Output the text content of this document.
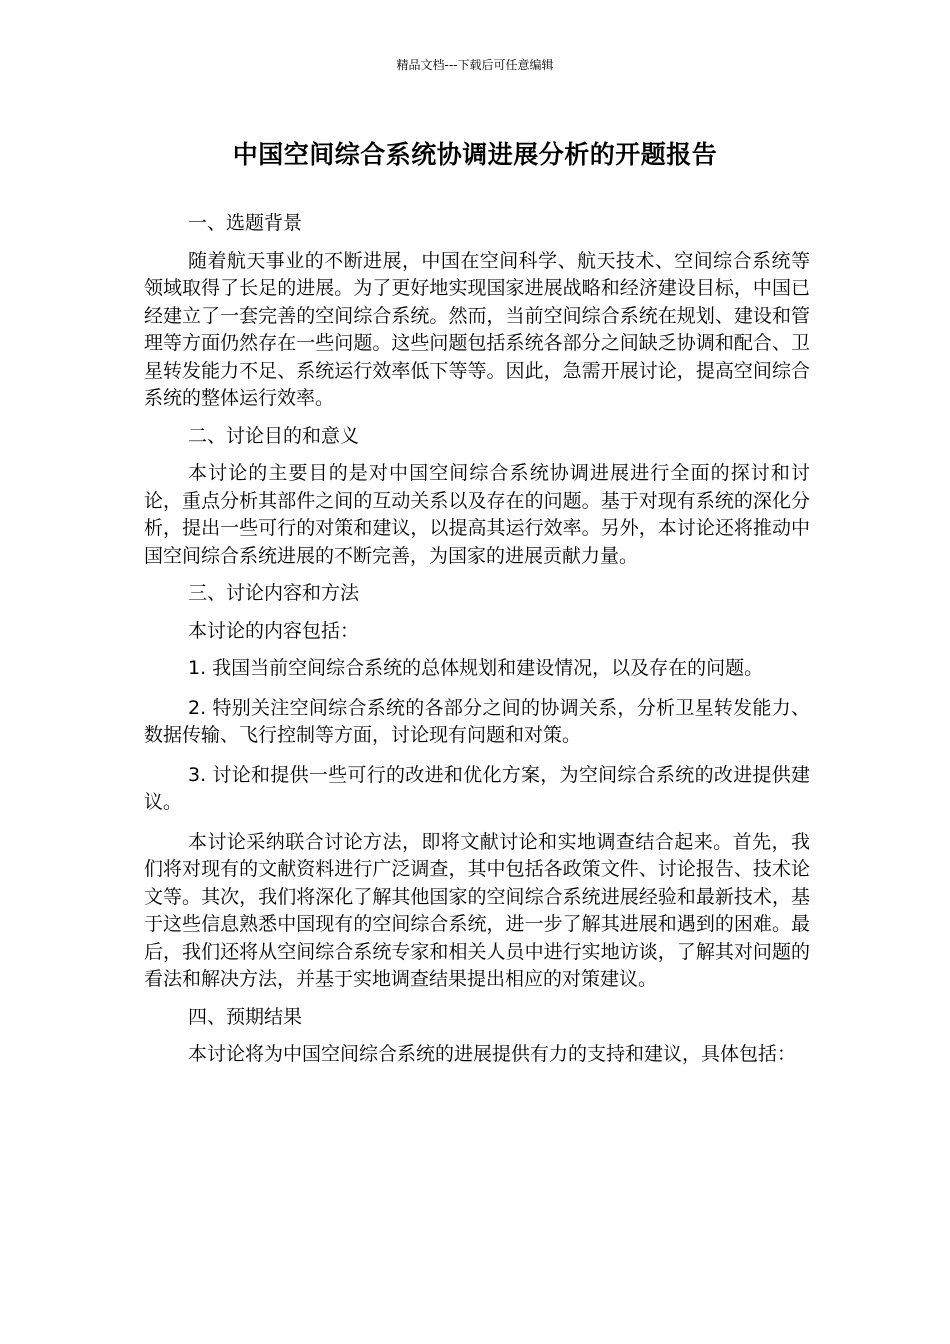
精品文档---下载后可任意编辑
中国空间综合系统协调进展分析的开题报告

一、选题背景

随着航天事业的不断进展，中国在空间科学、航天技术、空间综合系统等领域取得了长足的进展。为了更好地实现国家进展战略和经济建设目标，中国已经建立了一套完善的空间综合系统。然而，当前空间综合系统在规划、建设和管理等方面仍然存在一些问题。这些问题包括系统各部分之间缺乏协调和配合、卫星转发能力不足、系统运行效率低下等等。因此，急需开展讨论，提高空间综合系统的整体运行效率。

二、讨论目的和意义

本讨论的主要目的是对中国空间综合系统协调进展进行全面的探讨和讨论，重点分析其部件之间的互动关系以及存在的问题。基于对现有系统的深化分析，提出一些可行的对策和建议，以提高其运行效率。另外，本讨论还将推动中国空间综合系统进展的不断完善，为国家的进展贡献力量。

三、讨论内容和方法

本讨论的内容包括：

1. 我国当前空间综合系统的总体规划和建设情况，以及存在的问题。

2. 特别关注空间综合系统的各部分之间的协调关系，分析卫星转发能力、数据传输、飞行控制等方面，讨论现有问题和对策。

3. 讨论和提供一些可行的改进和优化方案，为空间综合系统的改进提供建议。

本讨论采纳联合讨论方法，即将文献讨论和实地调查结合起来。首先，我们将对现有的文献资料进行广泛调查，其中包括各政策文件、讨论报告、技术论文等。其次，我们将深化了解其他国家的空间综合系统进展经验和最新技术，基于这些信息熟悉中国现有的空间综合系统，进一步了解其进展和遇到的困难。最后，我们还将从空间综合系统专家和相关人员中进行实地访谈，了解其对问题的看法和解决方法，并基于实地调查结果提出相应的对策建议。

四、预期结果

本讨论将为中国空间综合系统的进展提供有力的支持和建议，具体包括：
